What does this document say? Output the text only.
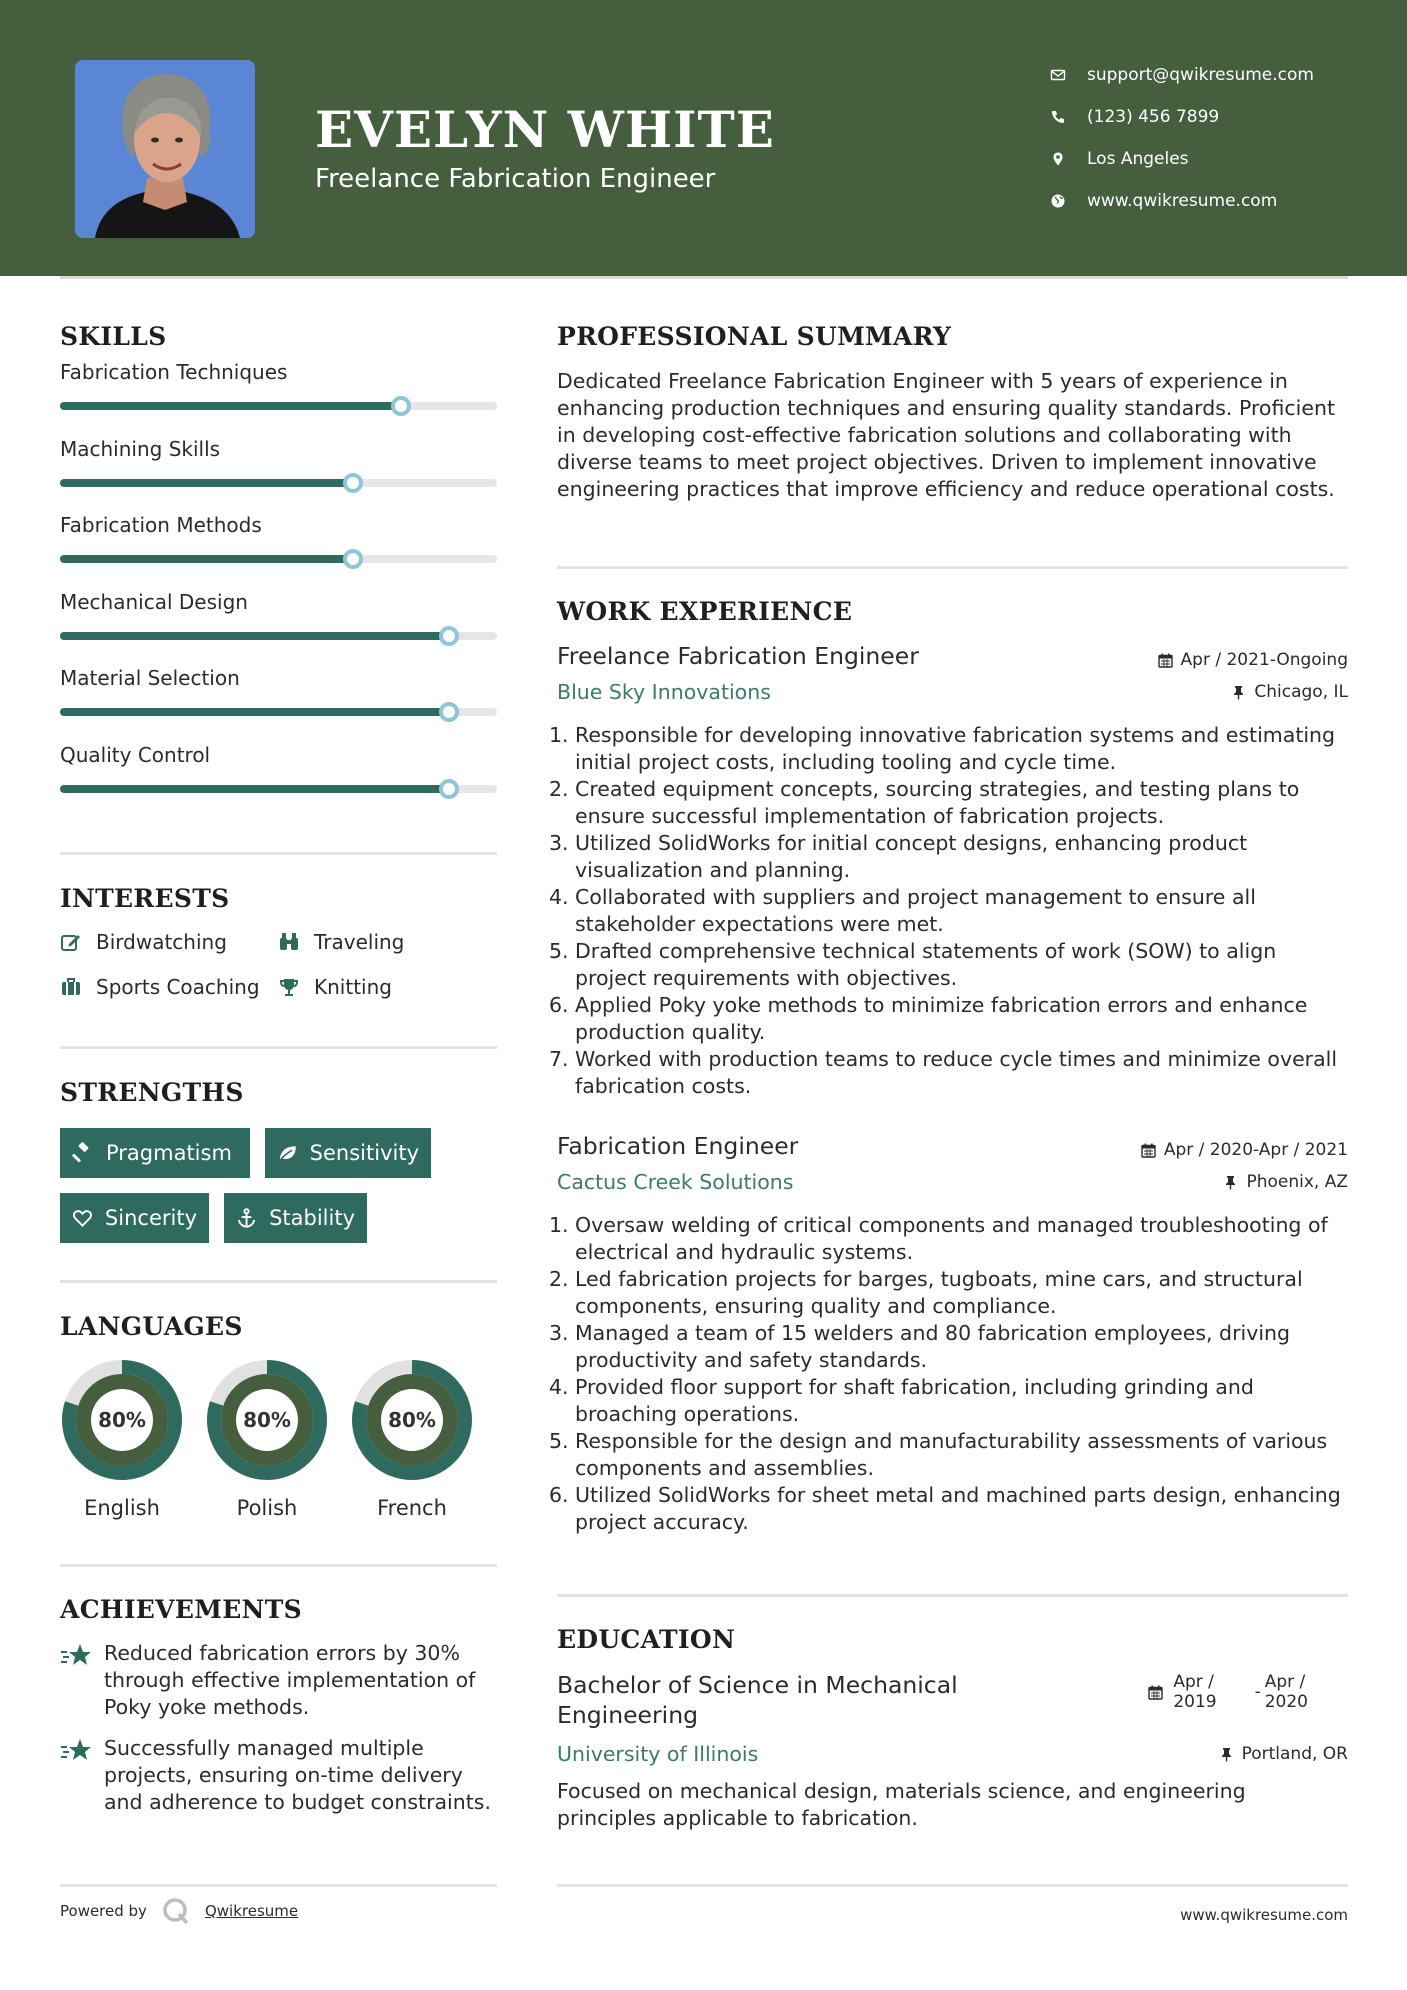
EVELYN WHITE
Freelance Fabrication Engineer
support@qwikresume.com
(123) 456 7899
Los Angeles
www.qwikresume.com
SKILLS
Fabrication Techniques
Machining Skills
Fabrication Methods
Mechanical Design
Material Selection
Quality Control
INTERESTS
Birdwatching	Traveling
Sports Coaching	Knitting
STRENGTHS
Pragmatism	Sensitivity
Sincerity	Stability
LANGUAGES
80%
English
80%
Polish
80%
French
ACHIEVEMENTS
Reduced fabrication errors by 30% through effective implementation of Poky yoke methods.
Successfully managed multiple projects, ensuring on-time delivery and adherence to budget constraints.
PROFESSIONAL SUMMARY
Dedicated Freelance Fabrication Engineer with 5 years of experience in enhancing production techniques and ensuring quality standards. Proficient in developing cost-effective fabrication solutions and collaborating with diverse teams to meet project objectives. Driven to implement innovative engineering practices that improve efficiency and reduce operational costs.
WORK EXPERIENCE
Freelance Fabrication Engineer	Apr / 2021-Ongoing
Blue Sky Innovations	Chicago, IL
1. Responsible for developing innovative fabrication systems and estimating initial project costs, including tooling and cycle time.
2. Created equipment concepts, sourcing strategies, and testing plans to ensure successful implementation of fabrication projects.
3. Utilized SolidWorks for initial concept designs, enhancing product visualization and planning.
4. Collaborated with suppliers and project management to ensure all stakeholder expectations were met.
5. Drafted comprehensive technical statements of work (SOW) to align project requirements with objectives.
6. Applied Poky yoke methods to minimize fabrication errors and enhance production quality.
7. Worked with production teams to reduce cycle times and minimize overall fabrication costs.
Fabrication Engineer	Apr / 2020-Apr / 2021
Cactus Creek Solutions	Phoenix, AZ
1. Oversaw welding of critical components and managed troubleshooting of electrical and hydraulic systems.
2. Led fabrication projects for barges, tugboats, mine cars, and structural components, ensuring quality and compliance.
3. Managed a team of 15 welders and 80 fabrication employees, driving productivity and safety standards.
4. Provided floor support for shaft fabrication, including grinding and broaching operations.
5. Responsible for the design and manufacturability assessments of various components and assemblies.
6. Utilized SolidWorks for sheet metal and machined parts design, enhancing project accuracy.
EDUCATION
Bachelor of Science in Mechanical
Engineering
Apr /
2019 - Apr /
2020
University of Illinois	Portland, OR
Focused on mechanical design, materials science, and engineering principles applicable to fabrication.
Powered by	Qwikresume	www.qwikresume.com
